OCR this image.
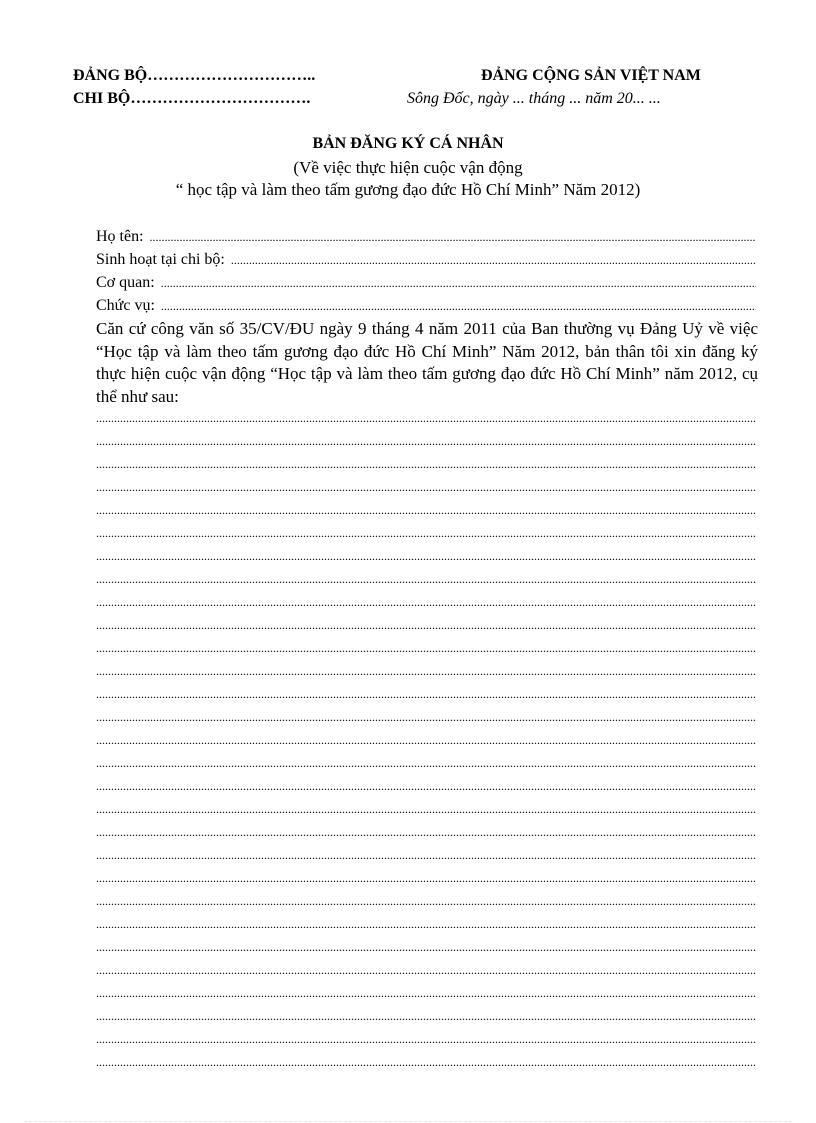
ĐẢNG BỘ…………………………..
CHI BỘ…………………………….
ĐẢNG CỘNG SẢN VIỆT NAM
Sông Đốc, ngày ... tháng ... năm 20... ...
BẢN ĐĂNG KÝ CÁ NHÂN
(Về việc thực hiện cuộc vận động
“ học tập và làm theo tấm gương đạo đức Hồ Chí Minh” Năm 2012)
Họ tên:
.....
Sinh hoạt tại chi bộ:
.....
Cơ quan:
.....
Chức vụ:
.....
Căn cứ công văn số 35/CV/ĐU ngày 9 tháng 4 năm 2011 của Ban thường vụ Đảng Uỷ về việc “Học tập và làm theo tấm gương đạo đức Hồ Chí Minh” Năm 2012, bản thân tôi xin đăng ký thực hiện cuộc vận động “Học tập và làm theo tấm gương đạo đức Hồ Chí Minh” năm 2012, cụ thể như sau:
.....
.....
.....
.....
.....
.....
.....
.....
.....
.....
.....
.....
.....
.....
.....
.....
.....
.....
.....
.....
.....
.....
.....
.....
.....
.....
.....
.....
.....
